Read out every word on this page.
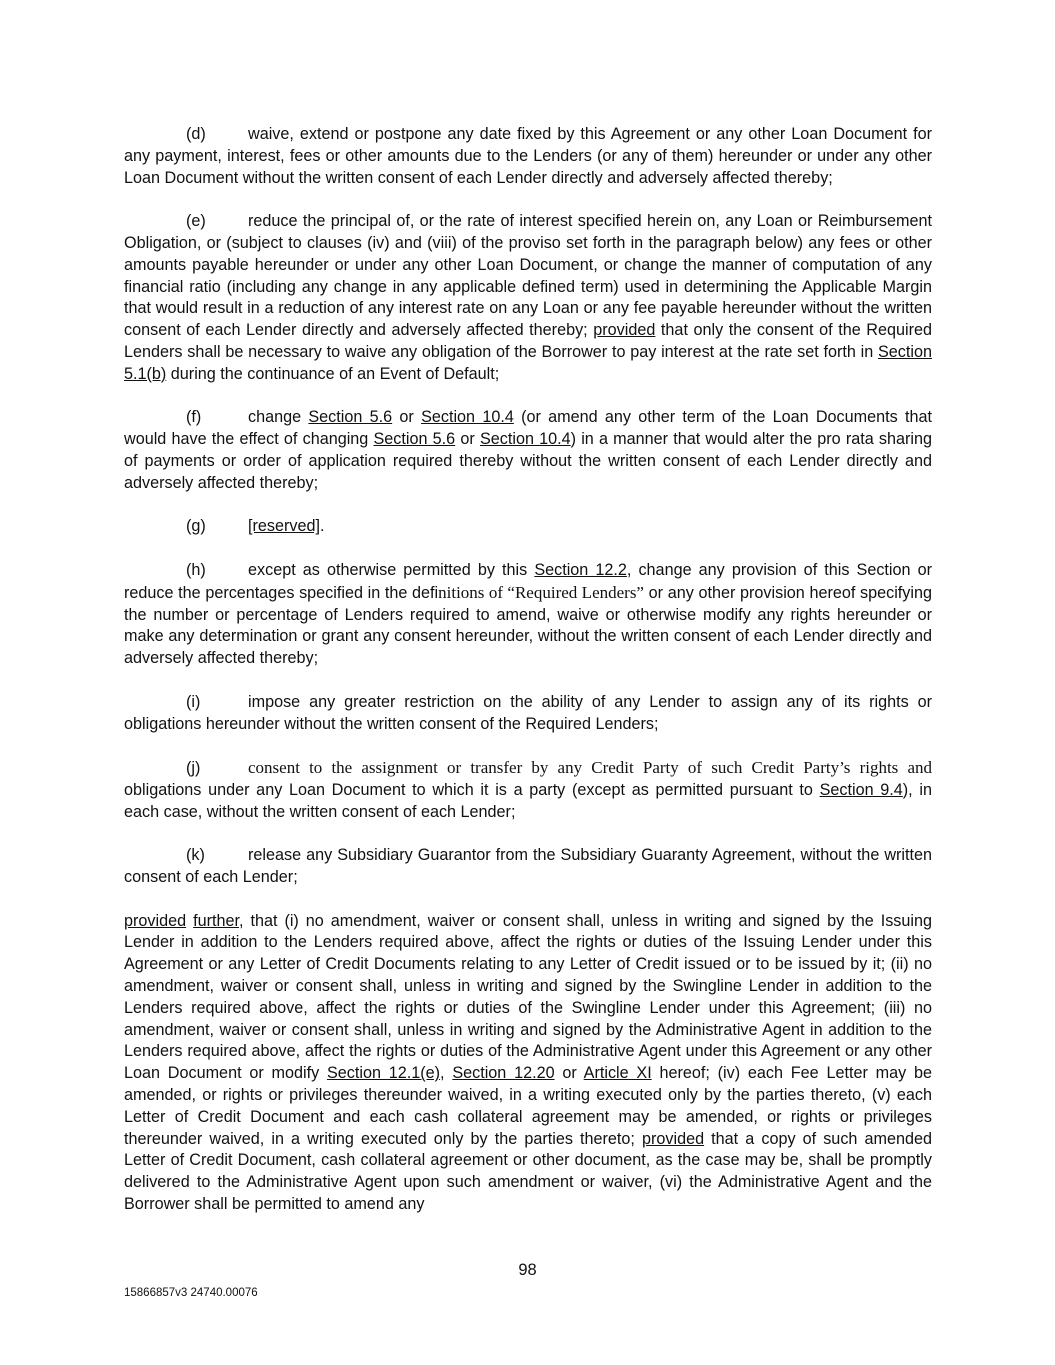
(d)	waive, extend or postpone any date fixed by this Agreement or any other Loan Document for any payment, interest, fees or other amounts due to the Lenders (or any of them) hereunder or under any other Loan Document without the written consent of each Lender directly and adversely affected thereby;

(e)	reduce the principal of, or the rate of interest specified herein on, any Loan or Reimbursement Obligation, or (subject to clauses (iv) and (viii) of the proviso set forth in the paragraph below) any fees or other amounts payable hereunder or under any other Loan Document, or change the manner of computation of any financial ratio (including any change in any applicable defined term) used in determining the Applicable Margin that would result in a reduction of any interest rate on any Loan or any fee payable hereunder without the written consent of each Lender directly and adversely affected thereby; provided that only the consent of the Required Lenders shall be necessary to waive any obligation of the Borrower to pay interest at the rate set forth in Section 5.1(b) during the continuance of an Event of Default;

(f)	change Section 5.6 or Section 10.4 (or amend any other term of the Loan Documents that would have the effect of changing Section 5.6 or Section 10.4) in a manner that would alter the pro rata sharing of payments or order of application required thereby without the written consent of each Lender directly and adversely affected thereby;

(g)	[reserved].

(h)	except as otherwise permitted by this Section 12.2, change any provision of this Section or reduce the percentages specified in the definitions of “Required Lenders” or any other provision hereof specifying the number or percentage of Lenders required to amend, waive or otherwise modify any rights hereunder or make any determination or grant any consent hereunder, without the written consent of each Lender directly and adversely affected thereby;

(i)	impose any greater restriction on the ability of any Lender to assign any of its rights or obligations hereunder without the written consent of the Required Lenders;

(j)	consent to the assignment or transfer by any Credit Party of such Credit Party’s rights and obligations under any Loan Document to which it is a party (except as permitted pursuant to Section 9.4), in each case, without the written consent of each Lender;

(k)	release any Subsidiary Guarantor from the Subsidiary Guaranty Agreement, without the written consent of each Lender;

provided further, that (i) no amendment, waiver or consent shall, unless in writing and signed by the Issuing Lender in addition to the Lenders required above, affect the rights or duties of the Issuing Lender under this Agreement or any Letter of Credit Documents relating to any Letter of Credit issued or to be issued by it; (ii) no amendment, waiver or consent shall, unless in writing and signed by the Swingline Lender in addition to the Lenders required above, affect the rights or duties of the Swingline Lender under this Agreement; (iii) no amendment, waiver or consent shall, unless in writing and signed by the Administrative Agent in addition to the Lenders required above, affect the rights or duties of the Administrative Agent under this Agreement or any other Loan Document or modify Section 12.1(e), Section 12.20 or Article XI hereof; (iv) each Fee Letter may be amended, or rights or privileges thereunder waived, in a writing executed only by the parties thereto, (v) each Letter of Credit Document and each cash collateral agreement may be amended, or rights or privileges thereunder waived, in a writing executed only by the parties thereto; provided that a copy of such amended Letter of Credit Document, cash collateral agreement or other document, as the case may be, shall be promptly delivered to the Administrative Agent upon such amendment or waiver, (vi) the Administrative Agent and the Borrower shall be permitted to amend any

98
15866857v3 24740.00076
